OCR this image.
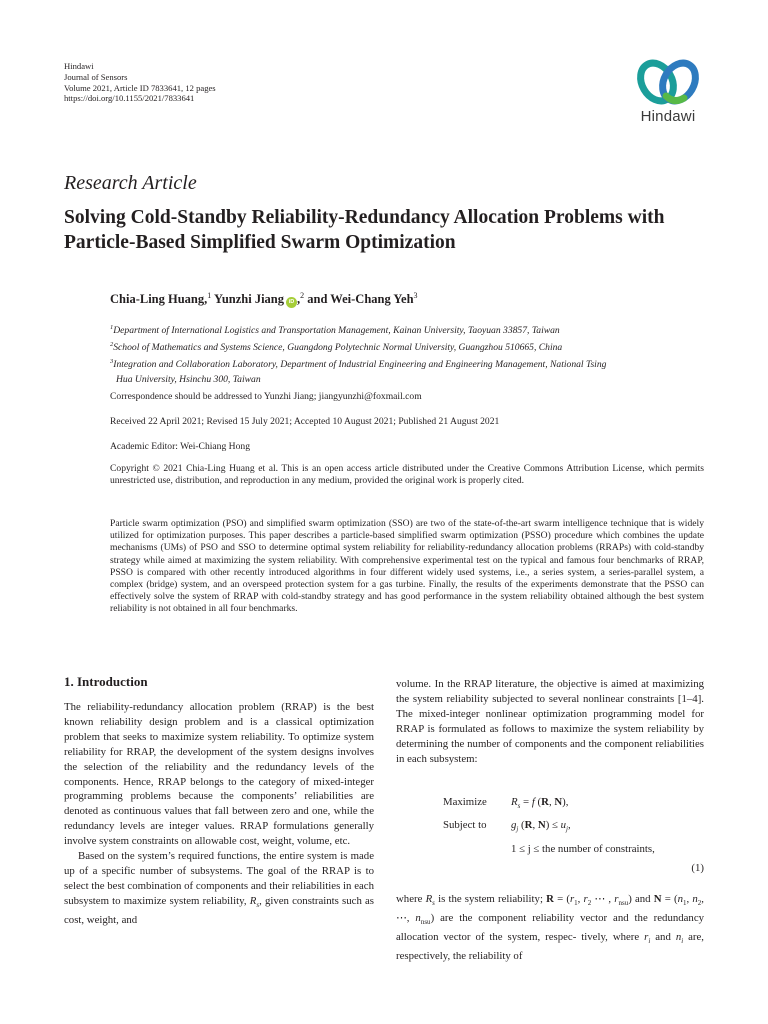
Hindawi
Journal of Sensors
Volume 2021, Article ID 7833641, 12 pages
https://doi.org/10.1155/2021/7833641
Hindawi
Research Article
Solving Cold-Standby Reliability-Redundancy Allocation Problems with Particle-Based Simplified Swarm Optimization
Chia-Ling Huang,$^1$ Yunzhi Jiang iD ,$^2$ and Wei-Chang Yeh$^3$
$^1$Department of International Logistics and Transportation Management, Kainan University, Taoyuan 33857, Taiwan
$^2$School of Mathematics and Systems Science, Guangdong Polytechnic Normal University, Guangzhou 510665, China
$^3$Integration and Collaboration Laboratory, Department of Industrial Engineering and Engineering Management, National Tsing
Hua University, Hsinchu 300, Taiwan
Correspondence should be addressed to Yunzhi Jiang; jiangyunzhi@foxmail.com
Received 22 April 2021; Revised 15 July 2021; Accepted 10 August 2021; Published 21 August 2021
Academic Editor: Wei-Chiang Hong
Copyright © 2021 Chia-Ling Huang et al. This is an open access article distributed under the Creative Commons Attribution License, which permits unrestricted use, distribution, and reproduction in any medium, provided the original work is properly cited.
Particle swarm optimization (PSO) and simplified swarm optimization (SSO) are two of the state-of-the-art swarm intelligence technique that is widely utilized for optimization purposes. This paper describes a particle-based simplified swarm optimization (PSSO) procedure which combines the update mechanisms (UMs) of PSO and SSO to determine optimal system reliability for reliability-redundancy allocation problems (RRAPs) with cold-standby strategy while aimed at maximizing the system reliability. With comprehensive experimental test on the typical and famous four benchmarks of RRAP, PSSO is compared with other recently introduced algorithms in four different widely used systems, i.e., a series system, a series-parallel system, a complex (bridge) system, and an overspeed protection system for a gas turbine. Finally, the results of the experiments demonstrate that the PSSO can effectively solve the system of RRAP with cold-standby strategy and has good performance in the system reliability obtained although the best system reliability is not obtained in all four benchmarks.
1. Introduction

The reliability-redundancy allocation problem (RRAP) is the best known reliability design problem and is a classical optimization problem that seeks to maximize system reliability. To optimize system reliability for RRAP, the development of the system designs involves the selection of the reliability and the redundancy levels of the components. Hence, RRAP belongs to the category of mixed-integer programming problems because the components’ reliabilities are denoted as continuous values that fall between zero and one, while the redundancy levels are integer values. RRAP formulations generally involve system constraints on allowable cost, weight, volume, etc.

Based on the system’s required functions, the entire system is made up of a specific number of subsystems. The goal of the RRAP is to select the best combination of components and their reliabilities in each subsystem to maximize system reliability, $R_s$, given constraints such as cost, weight, and

volume. In the RRAP literature, the objective is aimed at maximizing the system reliability subjected to several nonlinear constraints [1–4]. The mixed-integer nonlinear optimization programming model for RRAP is formulated as follows to maximize the system reliability by determining the number of components and the component reliabilities in each subsystem:

Maximize $R_s = f$ (R, N),
Subject to $g_j$ (R, $N) \le u_j$,
1 ≤ j ≤ the number of constraints,
(1)

where $R_s$ is the system reliability; $R = (r_1$, $r_2$ ⋯ , $r_{nsu}$) and $N = (n_1$, $n_2$, ⋯, $n_{nsu}$) are the component reliability vector and the redundancy allocation vector of the system, respec- tively, where $r_i$ and $n_i$ are, respectively, the reliability of
